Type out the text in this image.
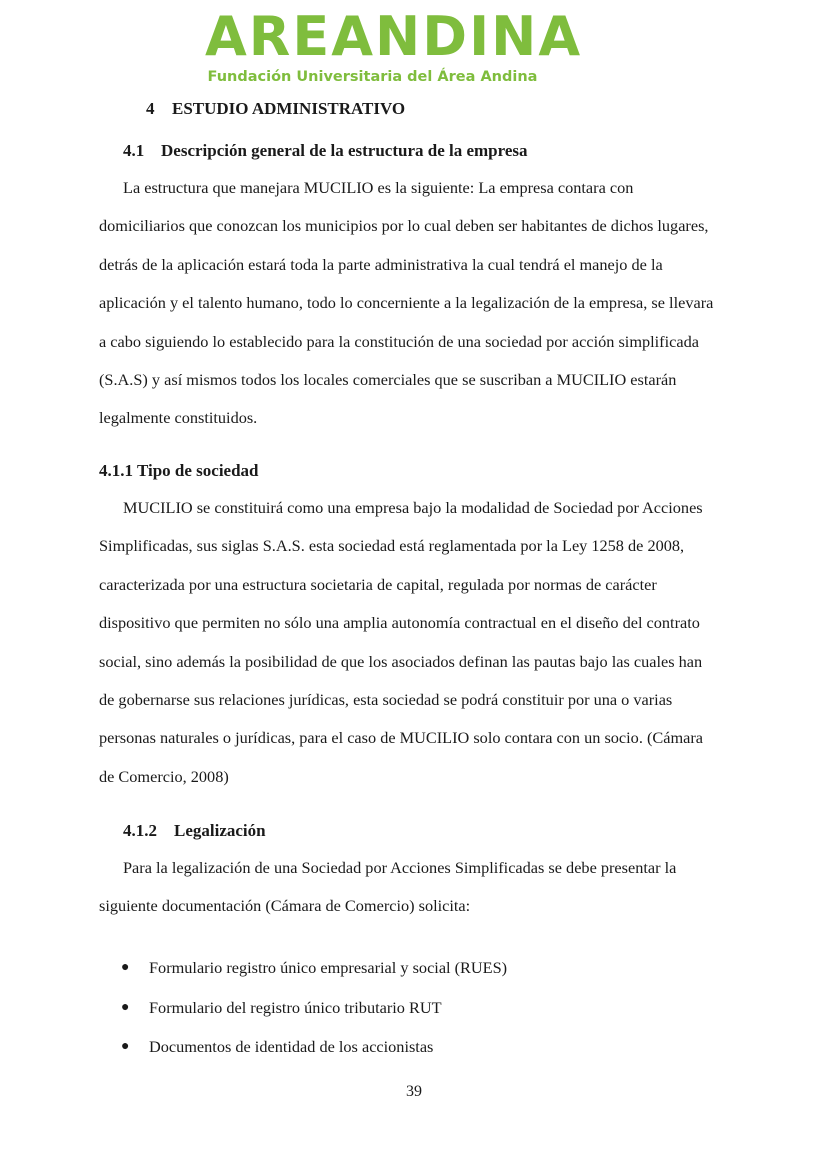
AREANDINA
Fundación Universitaria del Área Andina
4 ESTUDIO ADMINISTRATIVO
4.1 Descripción general de la estructura de la empresa
La estructura que manejara MUCILIO es la siguiente: La empresa contara con
domiciliarios que conozcan los municipios por lo cual deben ser habitantes de dichos lugares,
detrás de la aplicación estará toda la parte administrativa la cual tendrá el manejo de la
aplicación y el talento humano, todo lo concerniente a la legalización de la empresa, se llevara
a cabo siguiendo lo establecido para la constitución de una sociedad por acción simplificada
(S.A.S) y así mismos todos los locales comerciales que se suscriban a MUCILIO estarán
legalmente constituidos.
4.1.1 Tipo de sociedad
MUCILIO se constituirá como una empresa bajo la modalidad de Sociedad por Acciones
Simplificadas, sus siglas S.A.S. esta sociedad está reglamentada por la Ley 1258 de 2008,
caracterizada por una estructura societaria de capital, regulada por normas de carácter
dispositivo que permiten no sólo una amplia autonomía contractual en el diseño del contrato
social, sino además la posibilidad de que los asociados definan las pautas bajo las cuales han
de gobernarse sus relaciones jurídicas, esta sociedad se podrá constituir por una o varias
personas naturales o jurídicas, para el caso de MUCILIO solo contara con un socio. (Cámara
de Comercio, 2008)
4.1.2 Legalización
Para la legalización de una Sociedad por Acciones Simplificadas se debe presentar la
siguiente documentación (Cámara de Comercio) solicita:
● Formulario registro único empresarial y social (RUES)
● Formulario del registro único tributario RUT
● Documentos de identidad de los accionistas
39
